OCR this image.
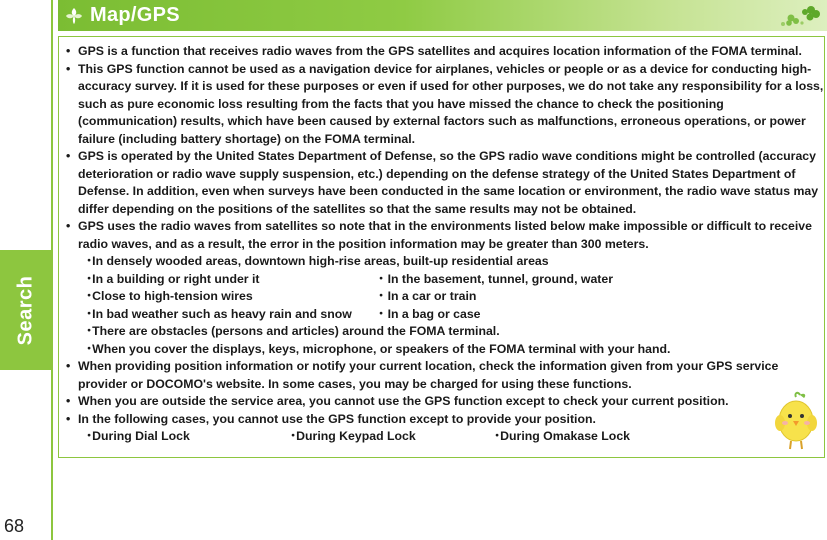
Search
68
Map/GPS
• GPS is a function that receives radio waves from the GPS satellites and acquires location information of the FOMA terminal.
• This GPS function cannot be used as a navigation device for airplanes, vehicles or people or as a device for conducting high-accuracy survey. If it is used for these purposes or even if used for other purposes, we do not take any responsibility for a loss, such as pure economic loss resulting from the facts that you have missed the chance to check the positioning (communication) results, which have been caused by external factors such as malfunctions, erroneous operations, or power failure (including battery shortage) on the FOMA terminal.
• GPS is operated by the United States Department of Defense, so the GPS radio wave conditions might be controlled (accuracy deterioration or radio wave supply suspension, etc.) depending on the defense strategy of the United States Department of Defense. In addition, even when surveys have been conducted in the same location or environment, the radio wave status may differ depending on the positions of the satellites so that the same results may not be obtained.
• GPS uses the radio waves from satellites so note that in the environments listed below make impossible or difficult to receive radio waves, and as a result, the error in the position information may be greater than 300 meters.
･In densely wooded areas, downtown high-rise areas, built-up residential areas
･In a building or right under it	･ In the basement, tunnel, ground, water
･Close to high-tension wires	･ In a car or train
･In bad weather such as heavy rain and snow	･ In a bag or case
･There are obstacles (persons and articles) around the FOMA terminal.
･When you cover the displays, keys, microphone, or speakers of the FOMA terminal with your hand.
• When providing position information or notify your current location, check the information given from your GPS service provider or DOCOMO's website. In some cases, you may be charged for using these functions.
• When you are outside the service area, you cannot use the GPS function except to check your current position.
• In the following cases, you cannot use the GPS function except to provide your position.
･During Dial Lock	･During Keypad Lock	･During Omakase Lock
